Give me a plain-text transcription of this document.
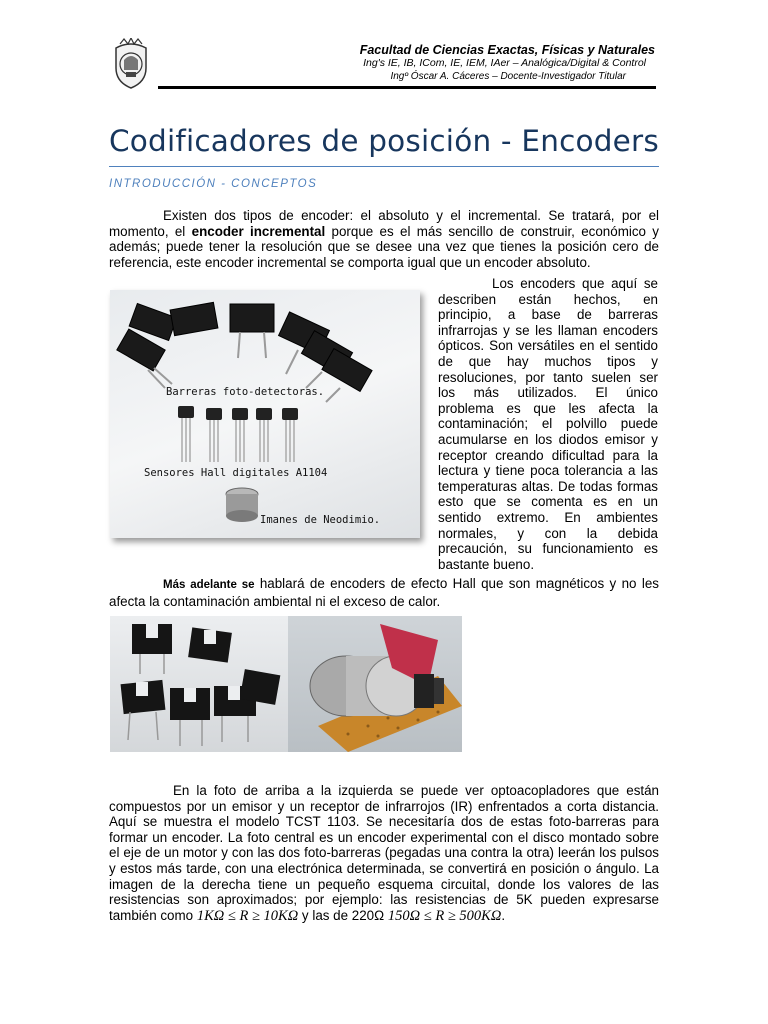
Facultad de Ciencias Exactas, Físicas y Naturales
Ing's IE, IB, ICom, IE, IEM, IAer – Analógica/Digital & Control
Ingº Óscar A. Cáceres – Docente-Investigador Titular
Codificadores de posición - Encoders
INTRODUCCIÓN - CONCEPTOS
Existen dos tipos de encoder: el absoluto y el incremental. Se tratará, por el momento, el encoder incremental porque es el más sencillo de construir, económico y además; puede tener la resolución que se desee una vez que tienes la posición cero de referencia, este encoder incremental se comporta igual que un encoder absoluto.
Barreras foto-detectoras.
Sensores Hall digitales A1104
Imanes de Neodimio.
Los encoders que aquí se describen están hechos, en principio, a base de barreras infrarrojas y se les llaman encoders ópticos. Son versátiles en el sentido de que hay muchos tipos y resoluciones, por tanto suelen ser los más utilizados. El único problema es que les afecta la contaminación; el polvillo puede acumularse en los diodos emisor y receptor creando dificultad para la lectura y tiene poca tolerancia a las temperaturas altas. De todas formas esto que se comenta es en un sentido extremo. En ambientes normales, y con la debida precaución, su funcionamiento es bastante bueno.
Más adelante se hablará de encoders de efecto Hall que son magnéticos y no les afecta la contaminación ambiental ni el exceso de calor.
En la foto de arriba a la izquierda se puede ver optoacopladores que están compuestos por un emisor y un receptor de infrarrojos (IR) enfrentados a corta distancia. Aquí se muestra el modelo TCST 1103. Se necesitaría dos de estas foto-barreras para formar un encoder. La foto central es un encoder experimental con el disco montado sobre el eje de un motor y con las dos foto-barreras (pegadas una contra la otra) leerán los pulsos y estos más tarde, con una electrónica determinada, se convertirá en posición o ángulo. La imagen de la derecha tiene un pequeño esquema circuital, donde los valores de las resistencias son aproximados; por ejemplo: las resistencias de 5K pueden expresarse también como 1KΩ ≤ R ≥ 10KΩ y las de 220Ω 150Ω ≤ R ≥ 500KΩ.
